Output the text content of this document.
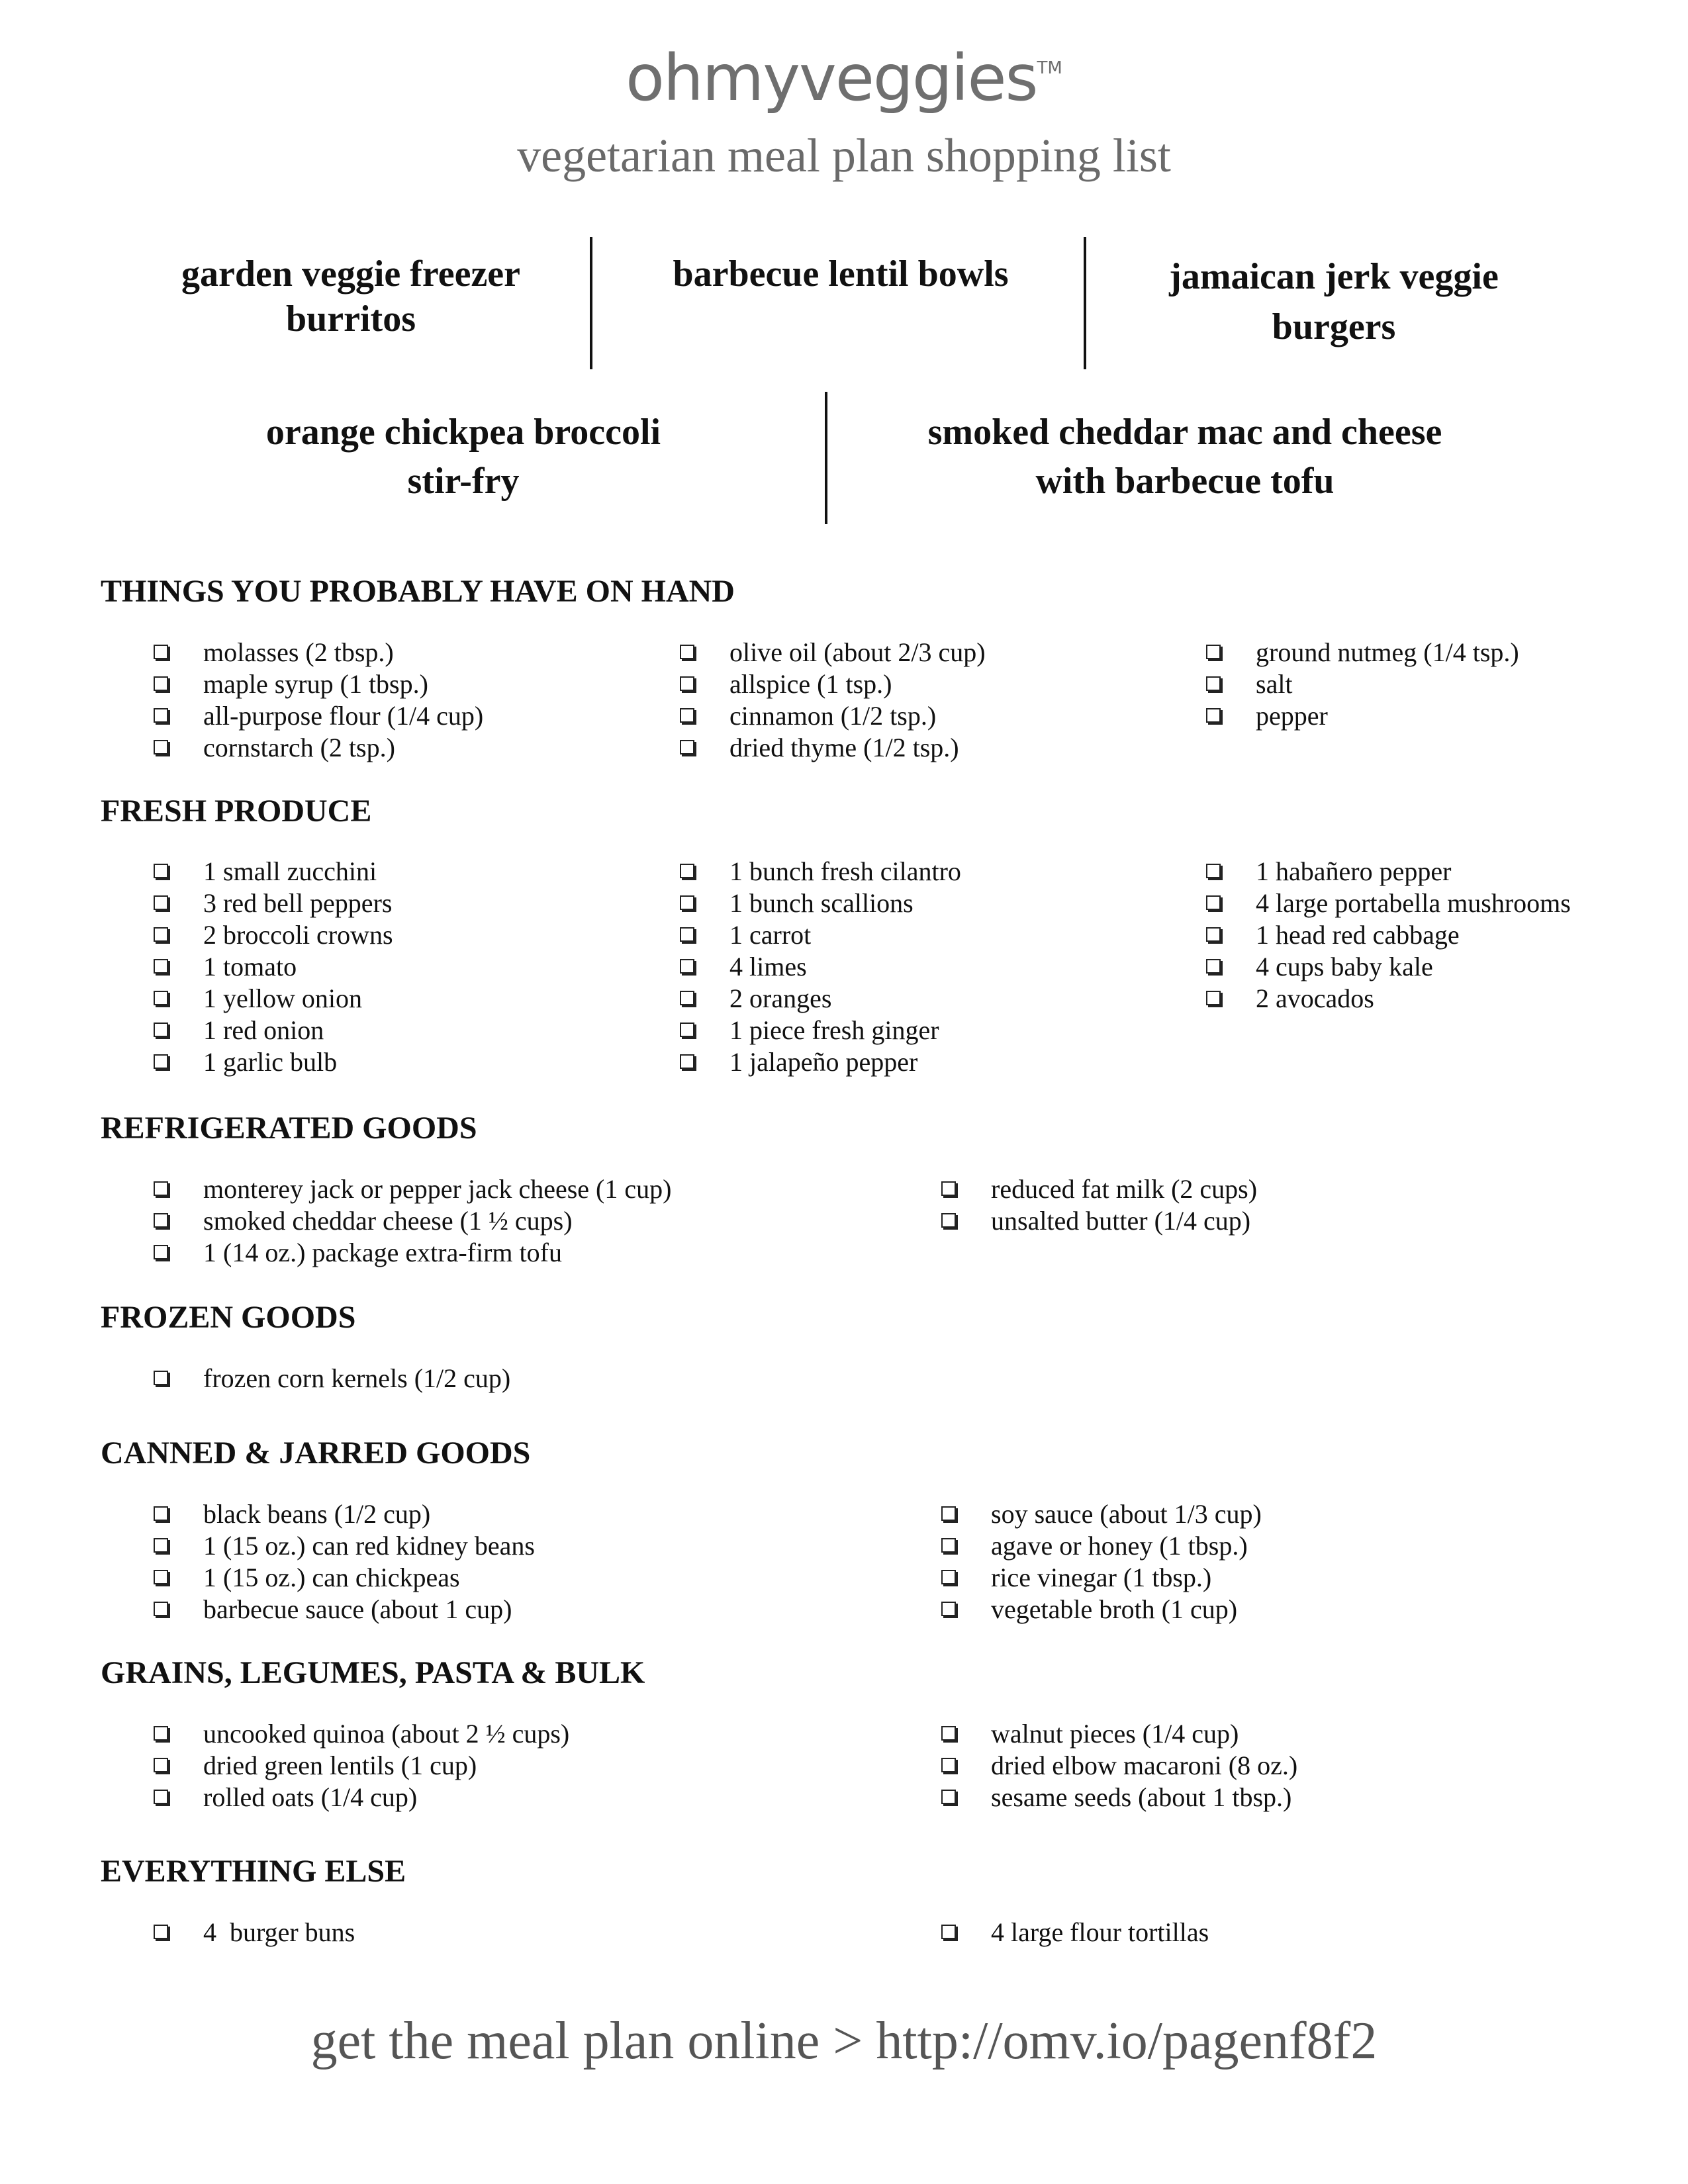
ohmyveggies™
vegetarian meal plan shopping list
garden veggie freezer
burritos
barbecue lentil bowls	jamaican jerk veggie
burgers
orange chickpea broccoli
stir-fry
smoked cheddar mac and cheese
with barbecue tofu
THINGS YOU PROBABLY HAVE ON HAND
molasses (2 tbsp.)
maple syrup (1 tbsp.)
all-purpose flour (1/4 cup)
cornstarch (2 tsp.)
olive oil (about 2/3 cup)
allspice (1 tsp.)
cinnamon (1/2 tsp.)
dried thyme (1/2 tsp.)
ground nutmeg (1/4 tsp.)
salt
pepper
FRESH PRODUCE
1 small zucchini
3 red bell peppers
2 broccoli crowns
1 tomato
1 yellow onion
1 red onion
1 garlic bulb
1 bunch fresh cilantro
1 bunch scallions
1 carrot
4 limes
2 oranges
1 piece fresh ginger
1 jalapeño pepper
1 habañero pepper
4 large portabella mushrooms
1 head red cabbage
4 cups baby kale
2 avocados
REFRIGERATED GOODS
monterey jack or pepper jack cheese (1 cup)
smoked cheddar cheese (1 ½ cups)
1 (14 oz.) package extra-firm tofu
reduced fat milk (2 cups)
unsalted butter (1/4 cup)
FROZEN GOODS
frozen corn kernels (1/2 cup)
CANNED & JARRED GOODS
black beans (1/2 cup)
1 (15 oz.) can red kidney beans
1 (15 oz.) can chickpeas
barbecue sauce (about 1 cup)
soy sauce (about 1/3 cup)
agave or honey (1 tbsp.)
rice vinegar (1 tbsp.)
vegetable broth (1 cup)
GRAINS, LEGUMES, PASTA & BULK
uncooked quinoa (about 2 ½ cups)
dried green lentils (1 cup)
rolled oats (1/4 cup)
walnut pieces (1/4 cup)
dried elbow macaroni (8 oz.)
sesame seeds (about 1 tbsp.)
EVERYTHING ELSE
4  burger buns	4 large flour tortillas
get the meal plan online > http://omv.io/pagenf8f2
